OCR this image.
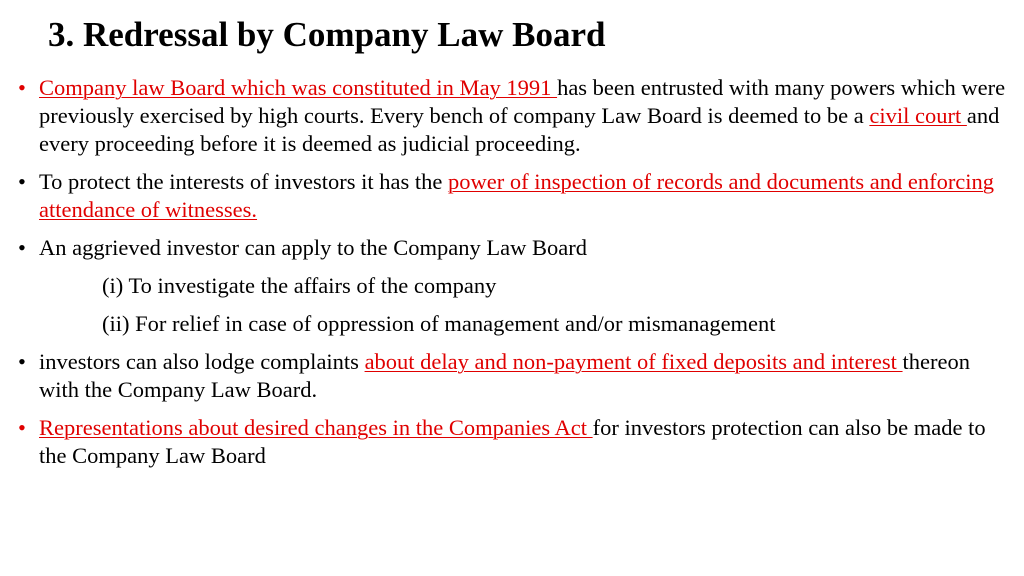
3. Redressal by Company Law Board
• Company law Board which was constituted in May 1991 has been entrusted with many powers which were previously exercised by high courts. Every bench of company Law Board is deemed to be a civil court and every proceeding before it is deemed as judicial proceeding.
• To protect the interests of investors it has the power of inspection of records and documents and enforcing attendance of witnesses.
• An aggrieved investor can apply to the Company Law Board
(i) To investigate the affairs of the company
(ii) For relief in case of oppression of management and/or mismanagement
• investors can also lodge complaints about delay and non-payment of fixed deposits and interest thereon with the Company Law Board.
• Representations about desired changes in the Companies Act for investors protection can also be made to the Company Law Board
